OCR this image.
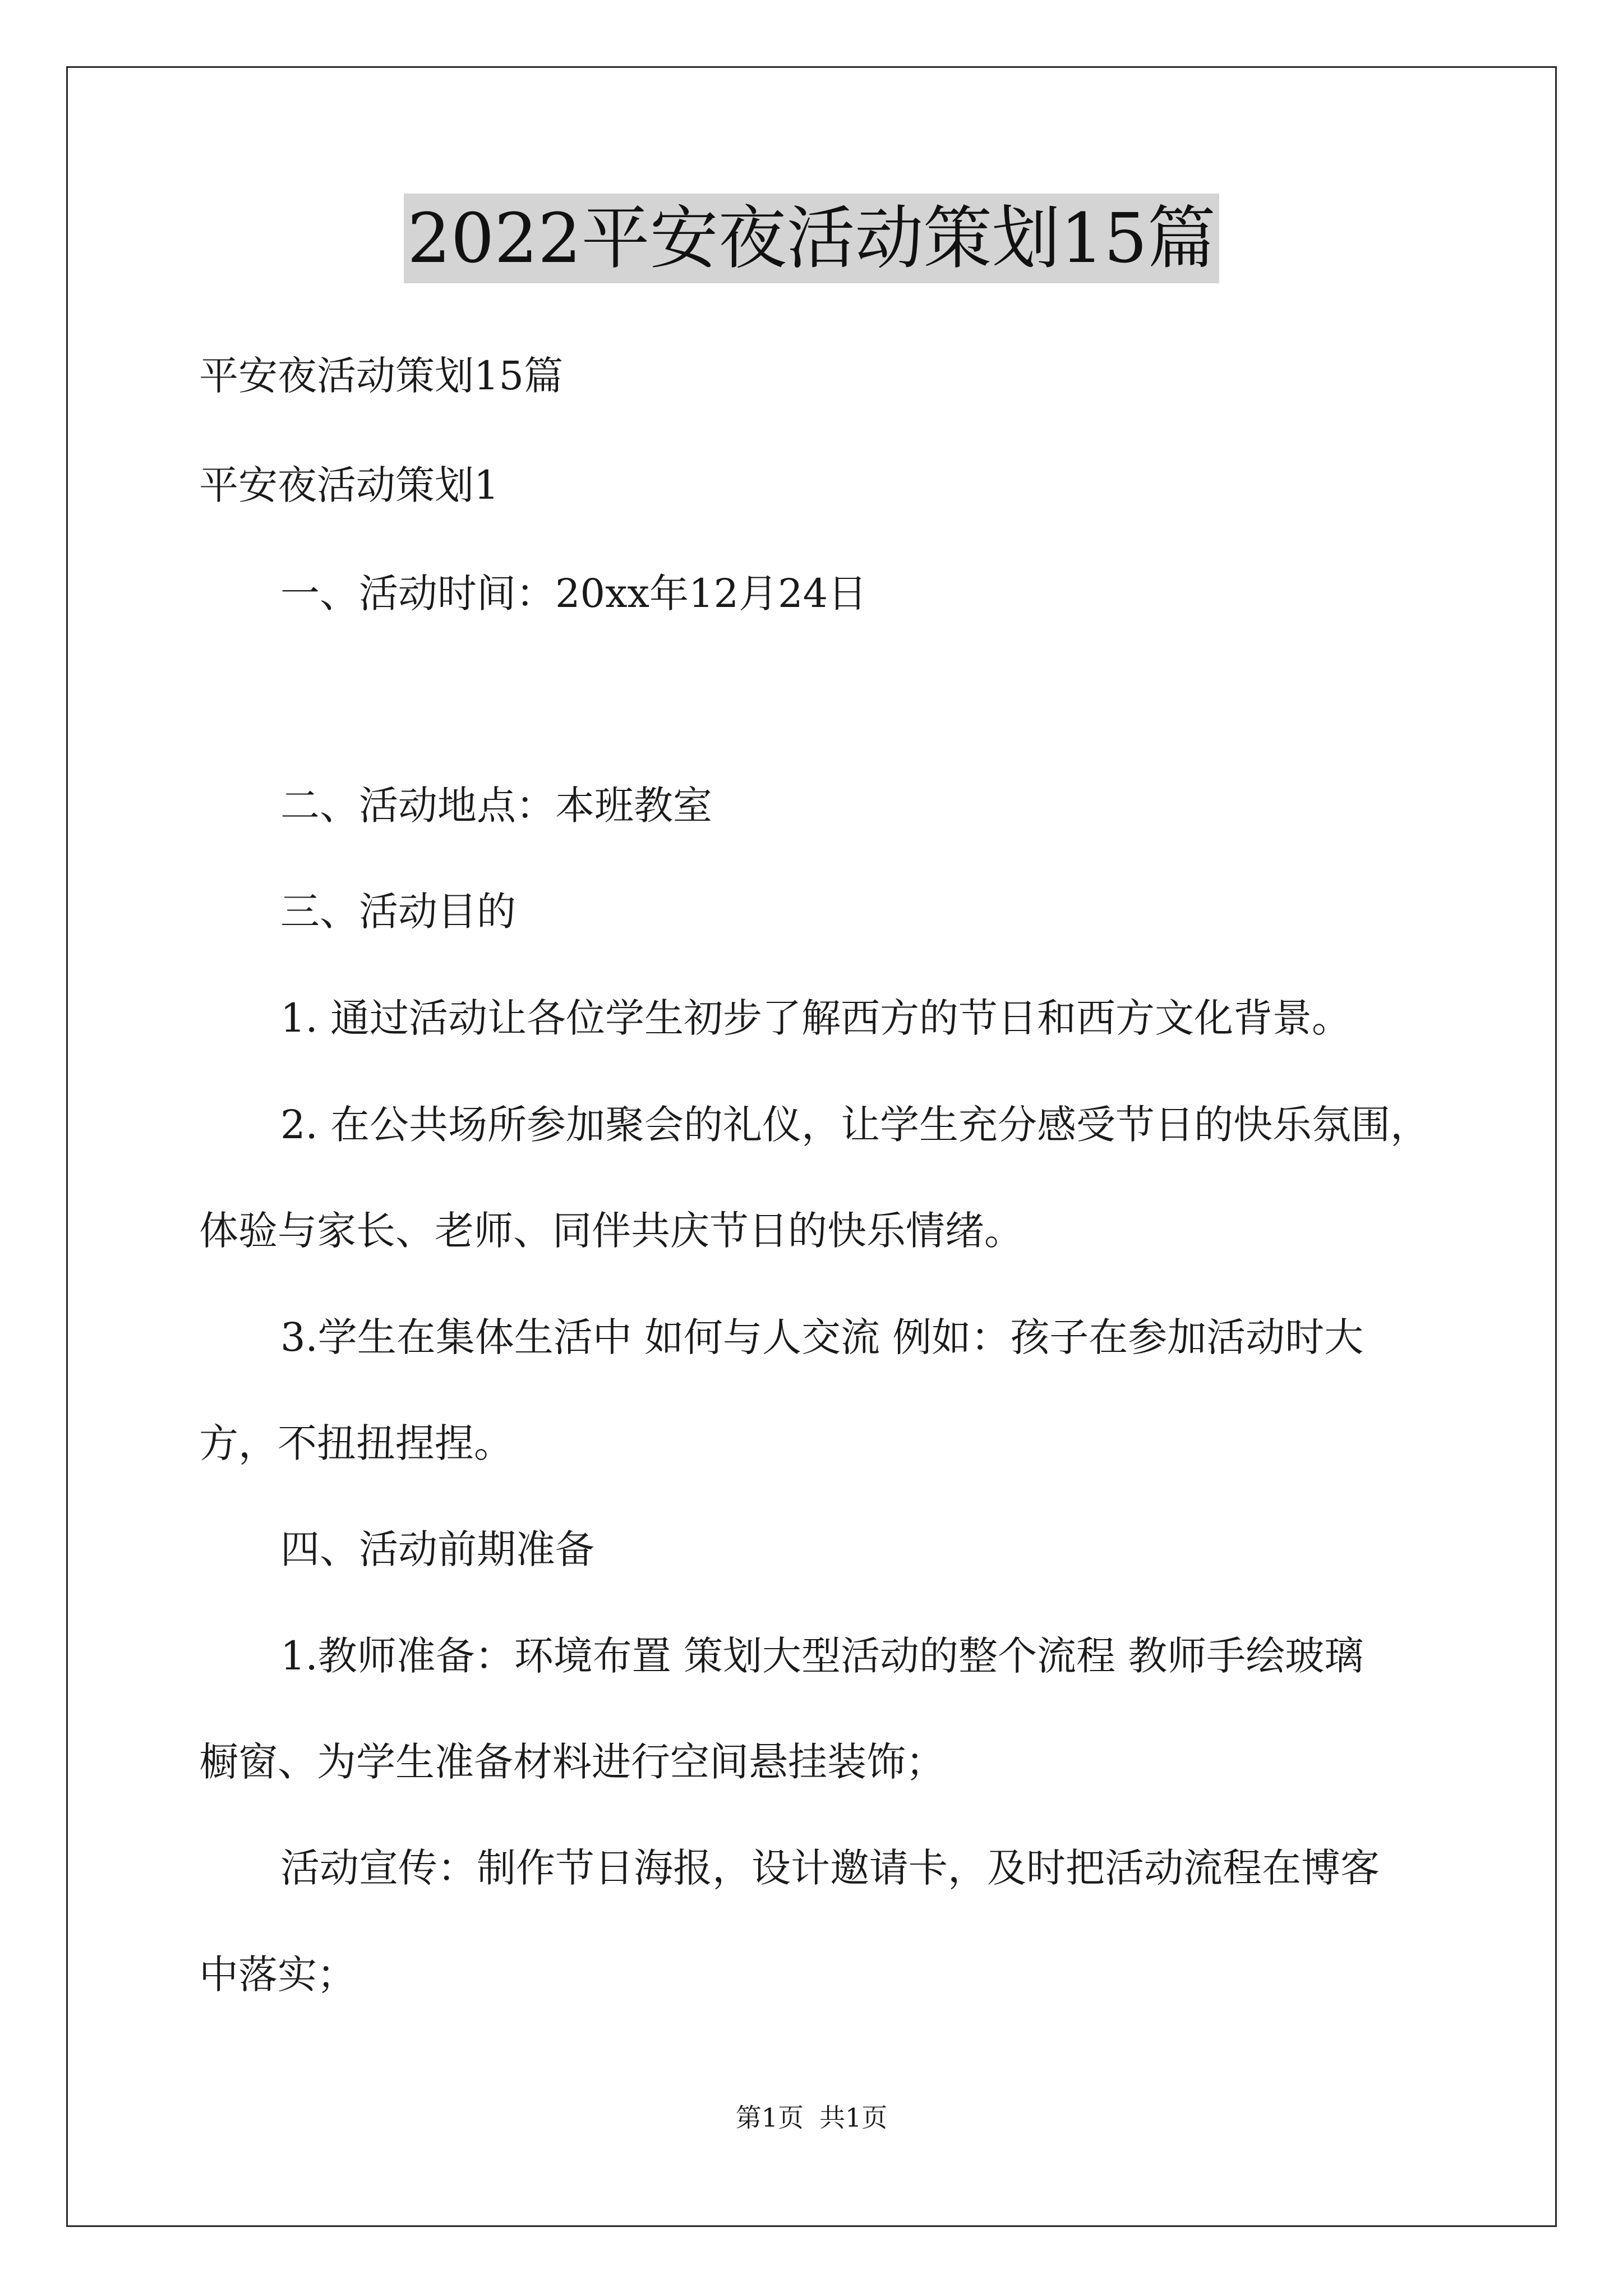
2022平安夜活动策划15篇
平安夜活动策划15篇
平安夜活动策划1
一、活动时间：20xx年12月24日
二、活动地点：本班教室
三、活动目的
1. 通过活动让各位学生初步了解西方的节日和西方文化背景。
2. 在公共场所参加聚会的礼仪，让学生充分感受节日的快乐氛围，
体验与家长、老师、同伴共庆节日的快乐情绪。
3.学生在集体生活中 如何与人交流 例如：孩子在参加活动时大
方，不扭扭捏捏。
四、活动前期准备
1.教师准备：环境布置 策划大型活动的整个流程 教师手绘玻璃
橱窗、为学生准备材料进行空间悬挂装饰；
活动宣传：制作节日海报，设计邀请卡，及时把活动流程在博客
中落实；
第1页 共1页
